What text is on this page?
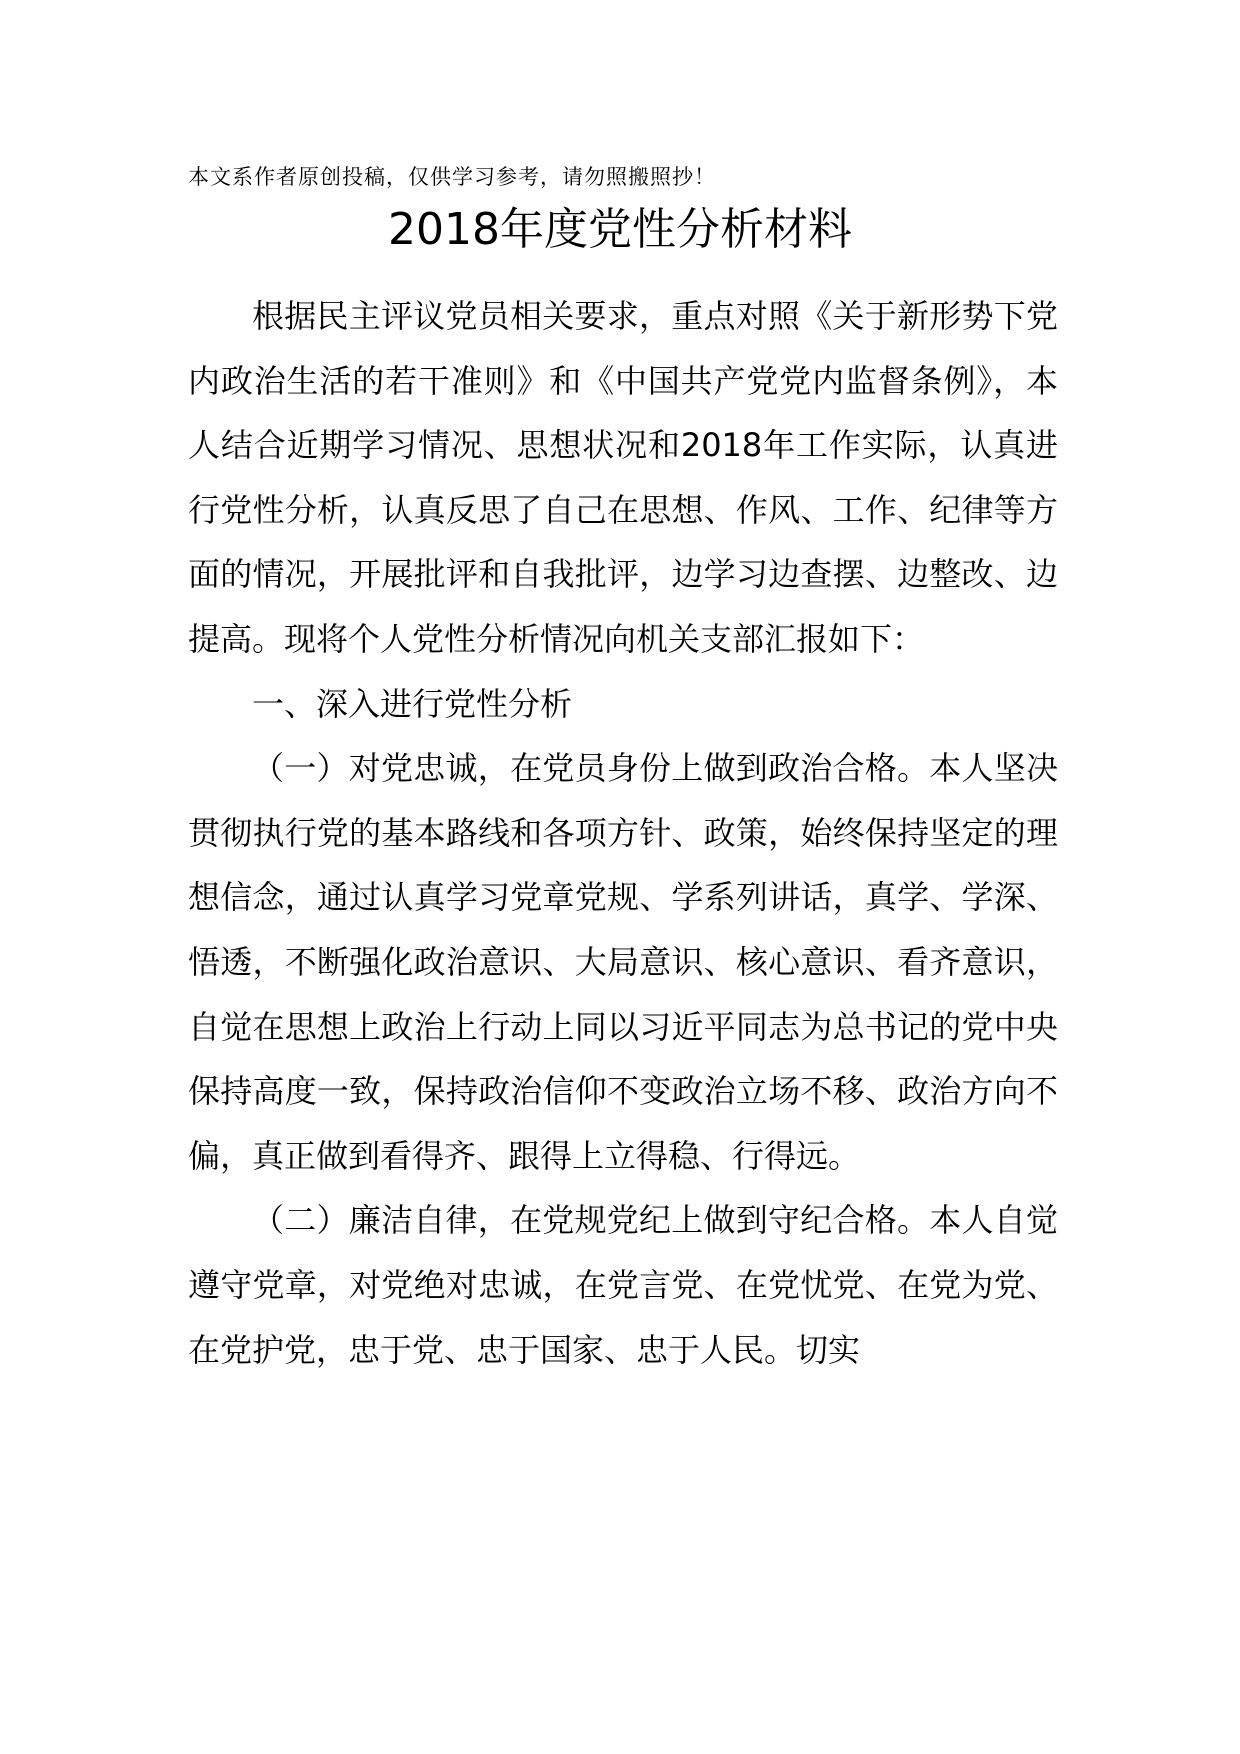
本文系作者原创投稿，仅供学习参考，请勿照搬照抄！
2018年度党性分析材料

根据民主评议党员相关要求，重点对照《关于新形势下党内政治生活的若干准则》和《中国共产党党内监督条例》，本人结合近期学习情况、思想状况和2018年工作实际，认真进行党性分析，认真反思了自己在思想、作风、工作、纪律等方面的情况，开展批评和自我批评，边学习边查摆、边整改、边提高。现将个人党性分析情况向机关支部汇报如下：

一、深入进行党性分析

（一）对党忠诚，在党员身份上做到政治合格。本人坚决贯彻执行党的基本路线和各项方针、政策，始终保持坚定的理想信念，通过认真学习党章党规、学系列讲话，真学、学深、悟透，不断强化政治意识、大局意识、核心意识、看齐意识，自觉在思想上政治上行动上同以习近平同志为总书记的党中央保持高度一致，保持政治信仰不变政治立场不移、政治方向不偏，真正做到看得齐、跟得上立得稳、行得远。

（二）廉洁自律，在党规党纪上做到守纪合格。本人自觉遵守党章，对党绝对忠诚，在党言党、在党忧党、在党为党、在党护党，忠于党、忠于国家、忠于人民。切实
